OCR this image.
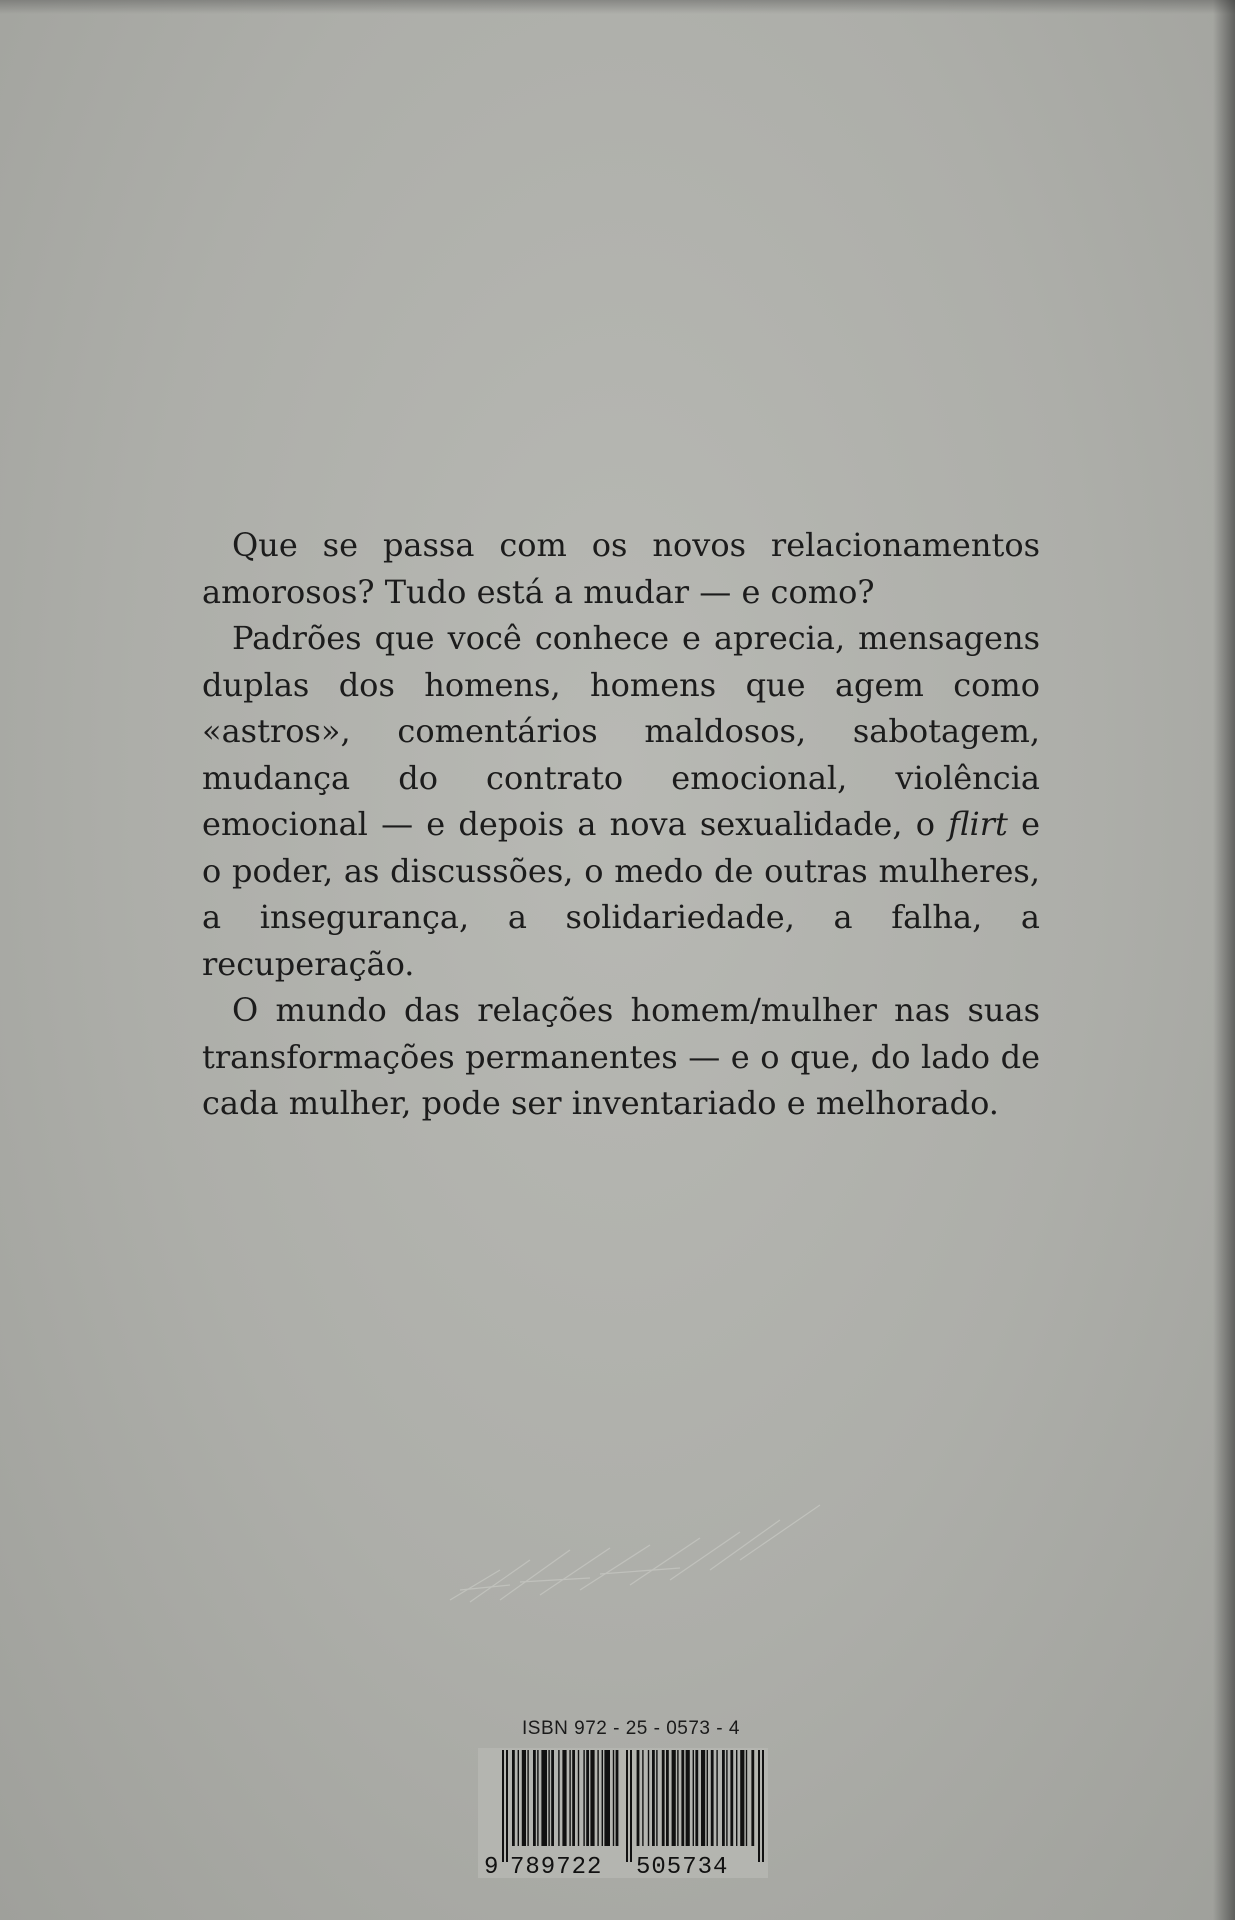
Que se passa com os novos relacionamentos amorosos? Tudo está a mudar — e como?

Padrões que você conhece e aprecia, mensagens duplas dos homens, homens que agem como «astros», comentários maldosos, sabotagem, mudança do contrato emocional, violência emocional — e depois a nova sexualidade, o flirt e o poder, as discussões, o medo de outras mulheres, a insegurança, a solidariedade, a falha, a recuperação.

O mundo das relações homem/mulher nas suas transformações permanentes — e o que, do lado de cada mulher, pode ser inventariado e melhorado.

ISBN 972 - 25 - 0573 - 4
9 789722 505734
